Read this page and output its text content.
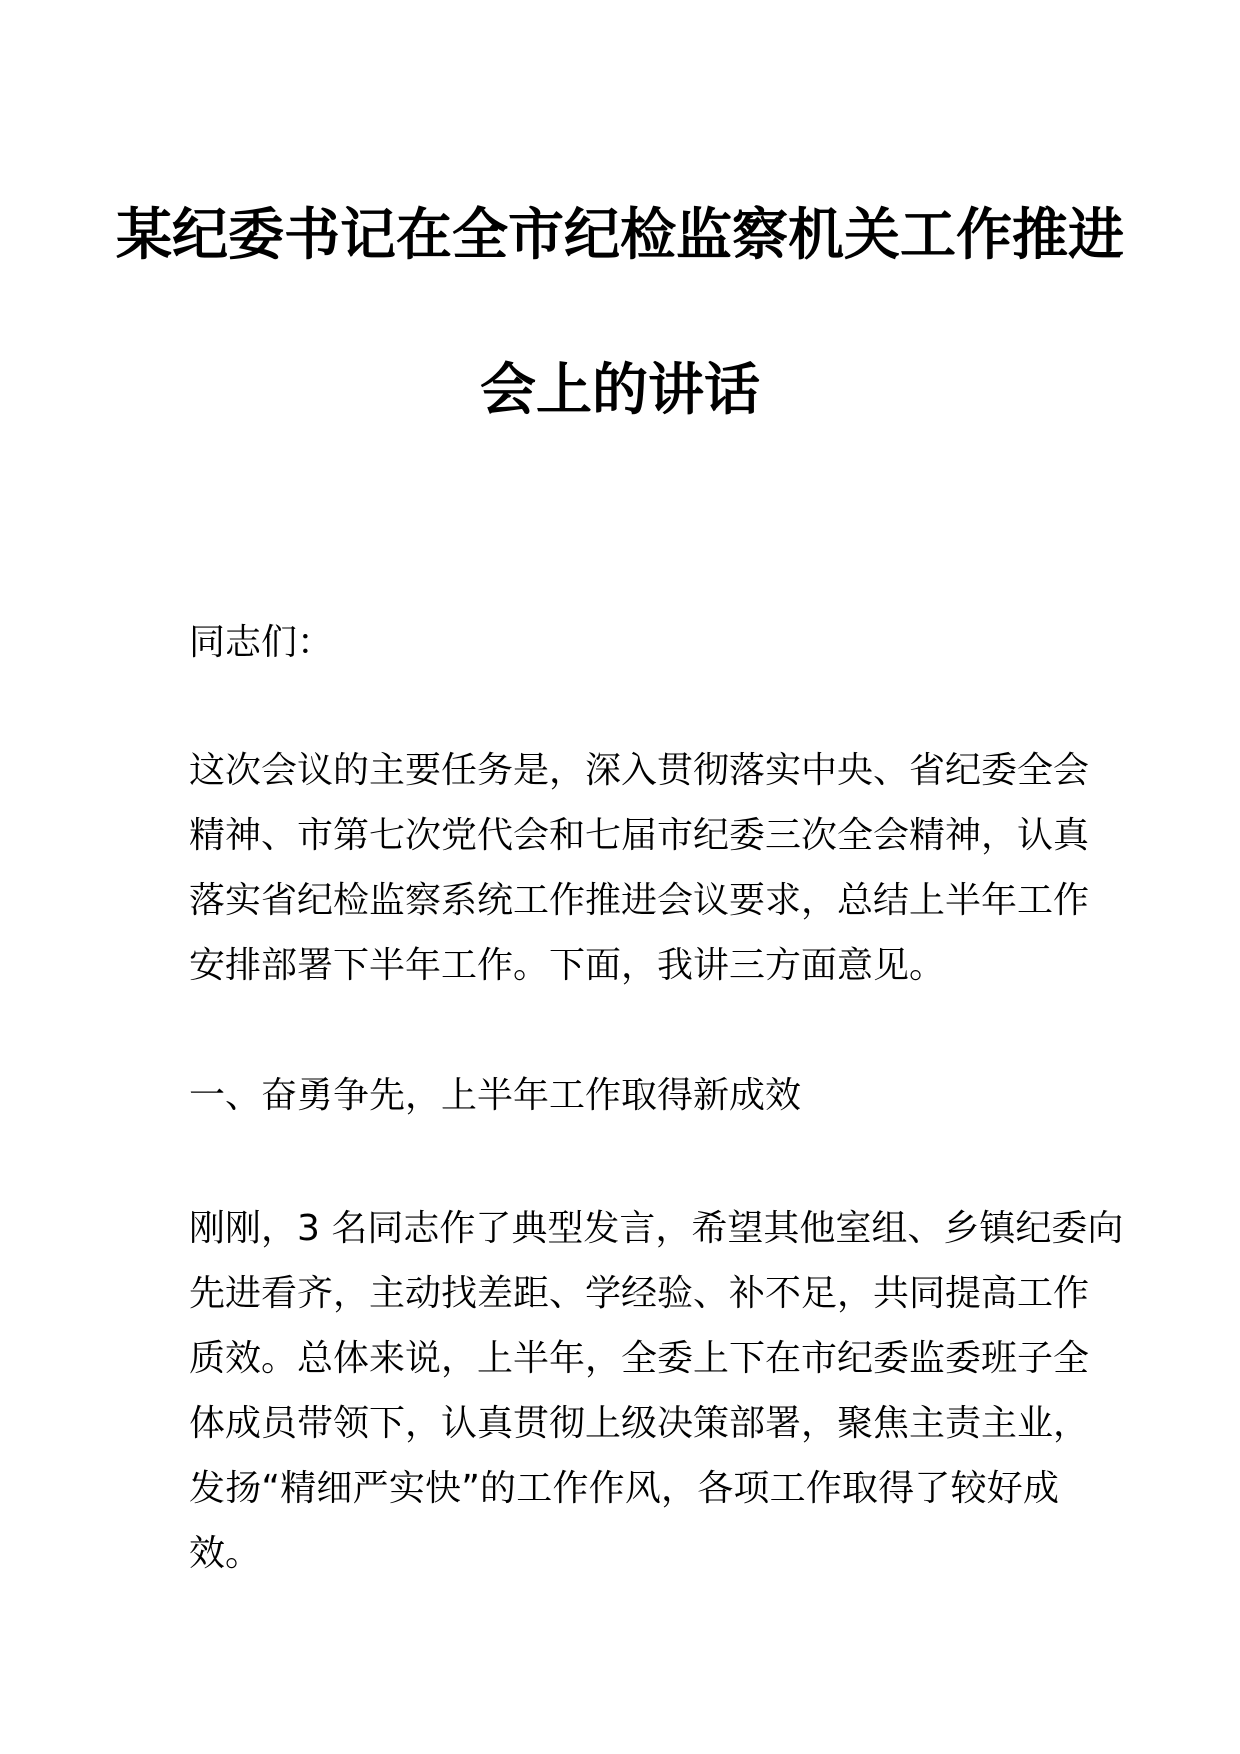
某纪委书记在全市纪检监察机关工作推进
会上的讲话
同志们：
这次会议的主要任务是，深入贯彻落实中央、省纪委全会
精神、市第七次党代会和七届市纪委三次全会精神，认真
落实省纪检监察系统工作推进会议要求，总结上半年工作
安排部署下半年工作。下面，我讲三方面意见。
一、奋勇争先，上半年工作取得新成效
刚刚，3 名同志作了典型发言，希望其他室组、乡镇纪委向
先进看齐，主动找差距、学经验、补不足，共同提高工作
质效。总体来说，上半年，全委上下在市纪委监委班子全
体成员带领下，认真贯彻上级决策部署，聚焦主责主业，
发扬“精细严实快”的工作作风，各项工作取得了较好成
效。
